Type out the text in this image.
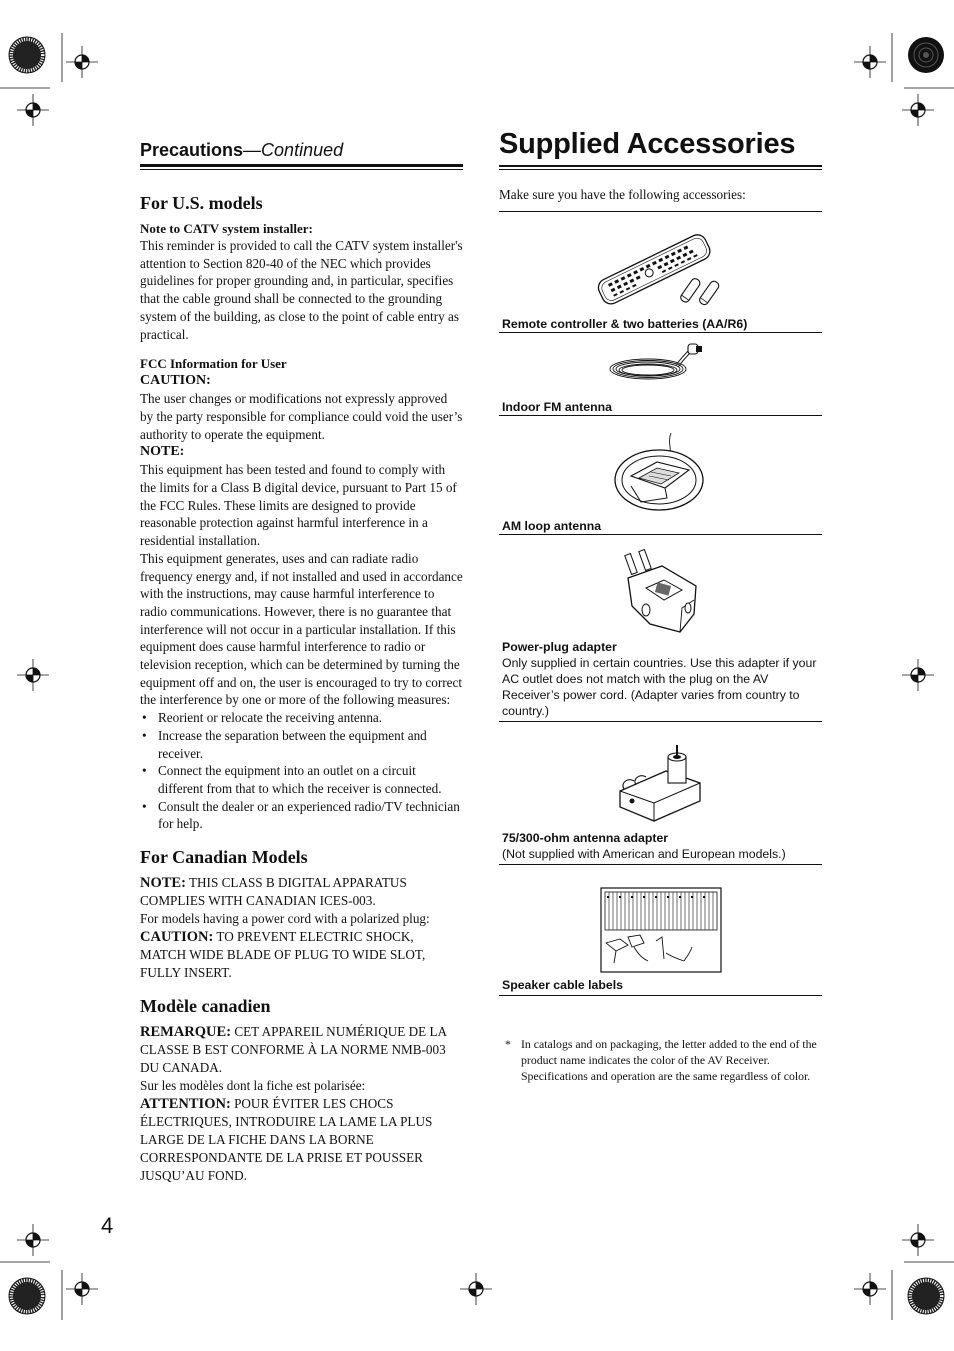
Precautions—Continued
For U.S. models
Note to CATV system installer:
This reminder is provided to call the CATV system installer's attention to Section 820-40 of the NEC which provides guidelines for proper grounding and, in particular, specifies that the cable ground shall be connected to the grounding system of the building, as close to the point of cable entry as practical.
FCC Information for User
CAUTION:
The user changes or modifications not expressly approved by the party responsible for compliance could void the user’s authority to operate the equipment.
NOTE:
This equipment has been tested and found to comply with the limits for a Class B digital device, pursuant to Part 15 of the FCC Rules. These limits are designed to provide reasonable protection against harmful interference in a residential installation.
This equipment generates, uses and can radiate radio frequency energy and, if not installed and used in accordance with the instructions, may cause harmful interference to radio communications. However, there is no guarantee that interference will not occur in a particular installation. If this equipment does cause harmful interference to radio or television reception, which can be determined by turning the equipment off and on, the user is encouraged to try to correct the interference by one or more of the following measures:
• Reorient or relocate the receiving antenna.
• Increase the separation between the equipment and receiver.
• Connect the equipment into an outlet on a circuit different from that to which the receiver is connected.
• Consult the dealer or an experienced radio/TV technician for help.
For Canadian Models
NOTE: THIS CLASS B DIGITAL APPARATUS COMPLIES WITH CANADIAN ICES-003.
For models having a power cord with a polarized plug:
CAUTION: TO PREVENT ELECTRIC SHOCK, MATCH WIDE BLADE OF PLUG TO WIDE SLOT, FULLY INSERT.
Modèle canadien
REMARQUE: CET APPAREIL NUMÉRIQUE DE LA CLASSE B EST CONFORME À LA NORME NMB-003 DU CANADA.
Sur les modèles dont la fiche est polarisée:
ATTENTION: POUR ÉVITER LES CHOCS ÉLECTRIQUES, INTRODUIRE LA LAME LA PLUS LARGE DE LA FICHE DANS LA BORNE CORRESPONDANTE DE LA PRISE ET POUSSER JUSQU’AU FOND.
Supplied Accessories
Make sure you have the following accessories:
Remote controller & two batteries (AA/R6)
Indoor FM antenna
AM loop antenna
Power-plug adapter
Only supplied in certain countries. Use this adapter if your AC outlet does not match with the plug on the AV Receiver’s power cord. (Adapter varies from country to country.)
75/300-ohm antenna adapter
(Not supplied with American and European models.)
Speaker cable labels
* In catalogs and on packaging, the letter added to the end of the product name indicates the color of the AV Receiver. Specifications and operation are the same regardless of color.
4
